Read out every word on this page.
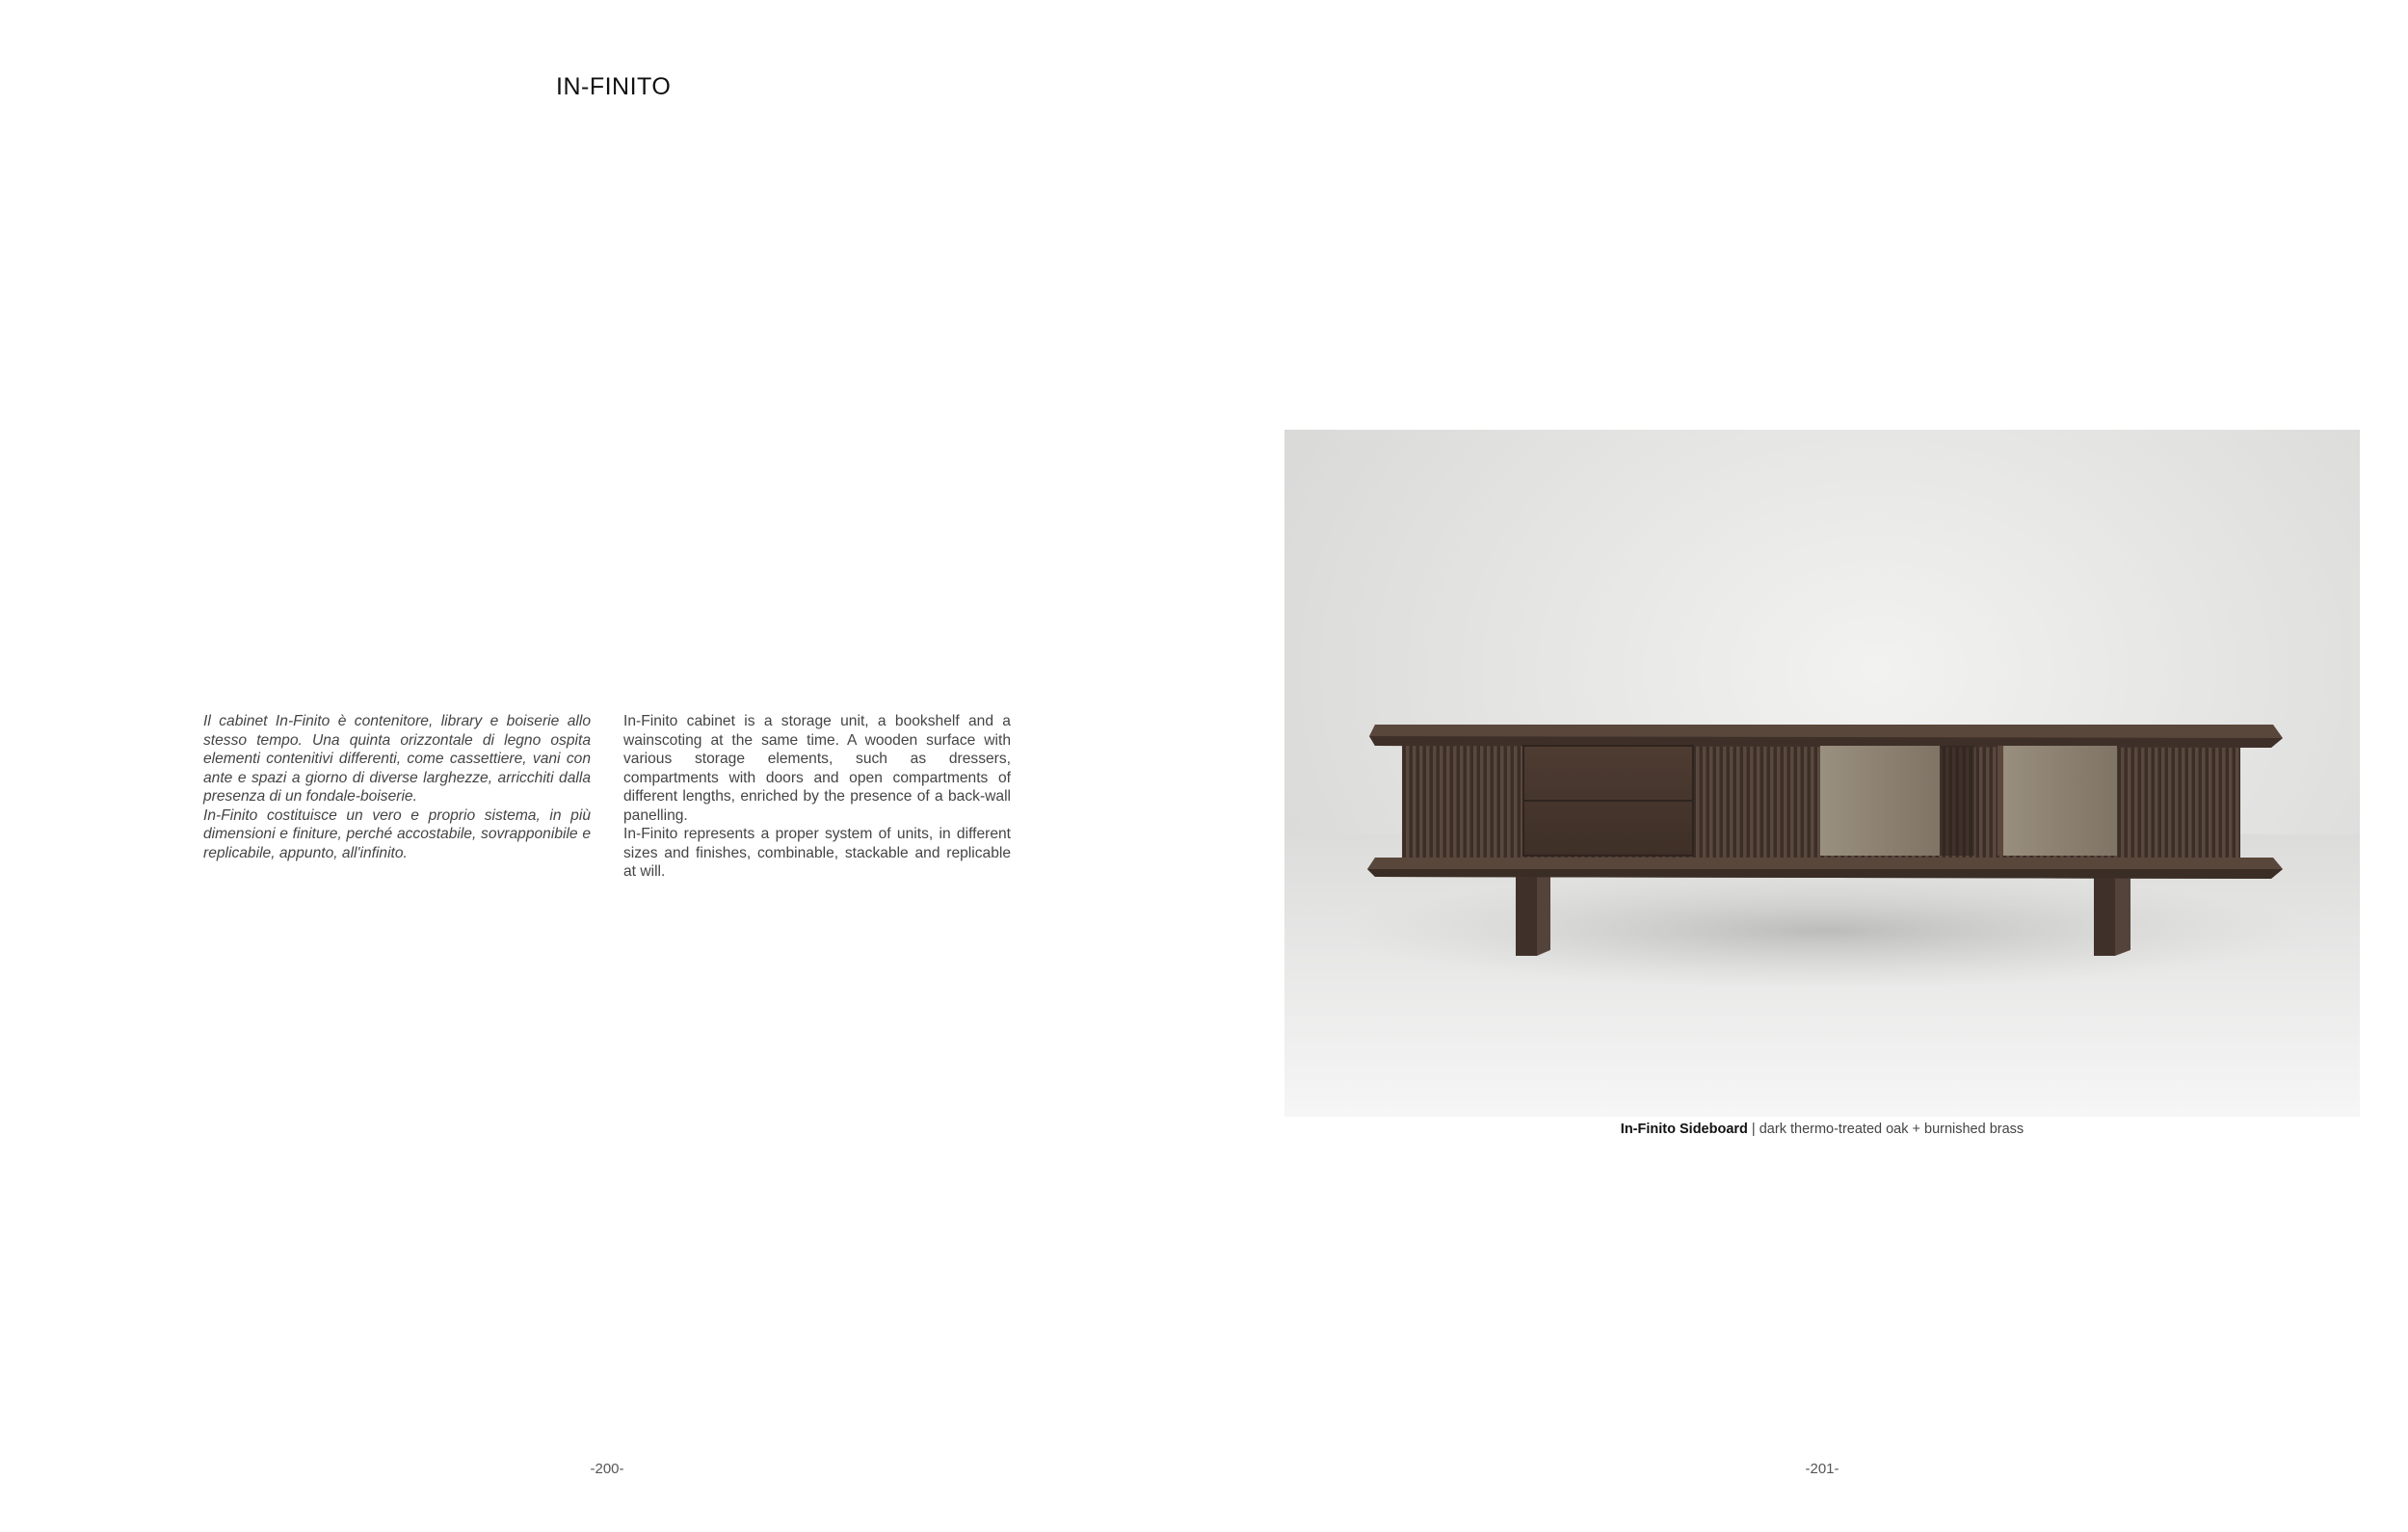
IN-FINITO

Il cabinet In-Finito è contenitore, library e boiserie allo stesso tempo. Una quinta orizzontale di legno ospita elementi contenitivi differenti, come cassettiere, vani con ante e spazi a giorno di diverse larghezze, arricchiti dalla presenza di un fondale-boiserie.

In-Finito costituisce un vero e proprio sistema, in più dimensioni e finiture, perché accostabile, sovrapponibile e replicabile, appunto, all'infinito.

In-Finito cabinet is a storage unit, a bookshelf and a wainscoting at the same time. A wooden surface with various storage elements, such as dressers, compartments with doors and open compartments of different lengths, enriched by the presence of a back-wall panelling.

In-Finito represents a proper system of units, in different sizes and finishes, combinable, stackable and replicable at will.

In-Finito Sideboard | dark thermo-treated oak + burnished brass
-200-	-201-
